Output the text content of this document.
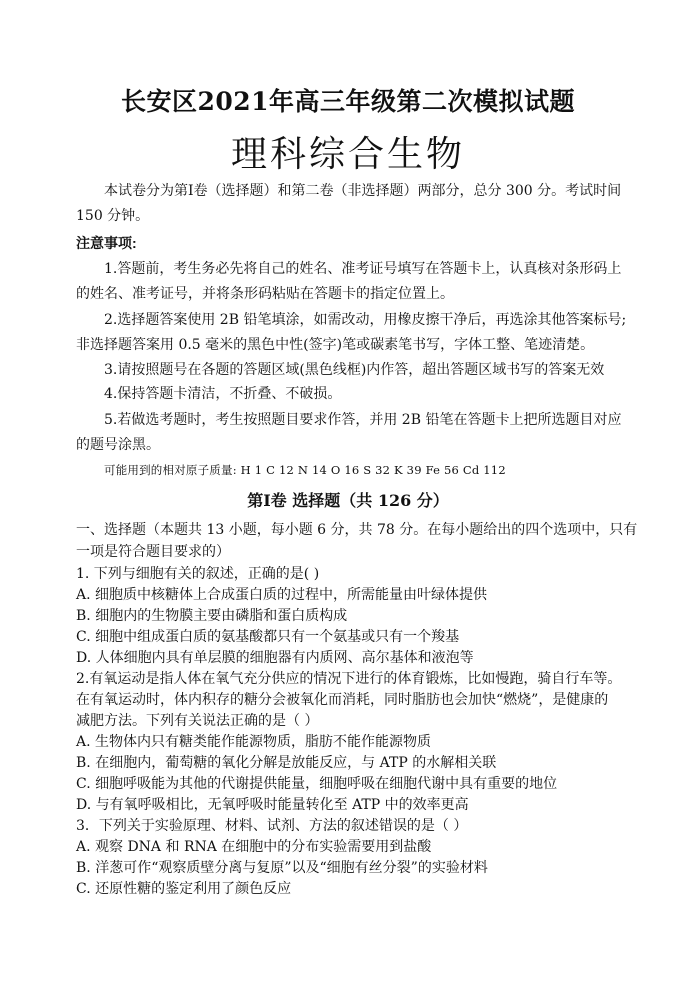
长安区2021年高三年级第二次模拟试题
理科综合生物
本试卷分为第Ⅰ卷（选择题）和第二卷（非选择题）两部分，总分 300 分。考试时间
150 分钟。
注意事项:
1.答题前，考生务必先将自己的姓名、准考证号填写在答题卡上，认真核对条形码上
的姓名、准考证号，并将条形码粘贴在答题卡的指定位置上。
2.选择题答案使用 2B 铅笔填涂，如需改动，用橡皮擦干净后，再选涂其他答案标号;
非选择题答案用 0.5 毫米的黑色中性(签字)笔或碳素笔书写，字体工整、笔迹清楚。
3.请按照题号在各题的答题区域(黑色线框)内作答，超出答题区域书写的答案无效
4.保持答题卡清洁，不折叠、不破损。
5.若做选考题时，考生按照题目要求作答，并用 2B 铅笔在答题卡上把所选题目对应
的题号涂黑。
可能用到的相对原子质量: H 1 C 12 N 14 O 16 S 32 K 39 Fe 56 Cd 112
第Ⅰ卷 选择题（共 126 分）
一、选择题（本题共 13 小题，每小题 6 分，共 78 分。在每小题给出的四个选项中，只有
一项是符合题目要求的）
1. 下列与细胞有关的叙述，正确的是( )
A. 细胞质中核糖体上合成蛋白质的过程中，所需能量由叶绿体提供
B. 细胞内的生物膜主要由磷脂和蛋白质构成
C. 细胞中组成蛋白质的氨基酸都只有一个氨基或只有一个羧基
D. 人体细胞内具有单层膜的细胞器有内质网、高尔基体和液泡等
2.有氧运动是指人体在氧气充分供应的情况下进行的体育锻炼，比如慢跑，骑自行车等。
在有氧运动时，体内积存的糖分会被氧化而消耗，同时脂肪也会加快“燃烧”，是健康的
减肥方法。下列有关说法正确的是（ ）
A. 生物体内只有糖类能作能源物质，脂肪不能作能源物质
B. 在细胞内，葡萄糖的氧化分解是放能反应，与 ATP 的水解相关联
C. 细胞呼吸能为其他的代谢提供能量，细胞呼吸在细胞代谢中具有重要的地位
D. 与有氧呼吸相比，无氧呼吸时能量转化至 ATP 中的效率更高
3．下列关于实验原理、材料、试剂、方法的叙述错误的是（ ）
A. 观察 DNA 和 RNA 在细胞中的分布实验需要用到盐酸
B. 洋葱可作“观察质壁分离与复原”以及“细胞有丝分裂”的实验材料
C. 还原性糖的鉴定利用了颜色反应
